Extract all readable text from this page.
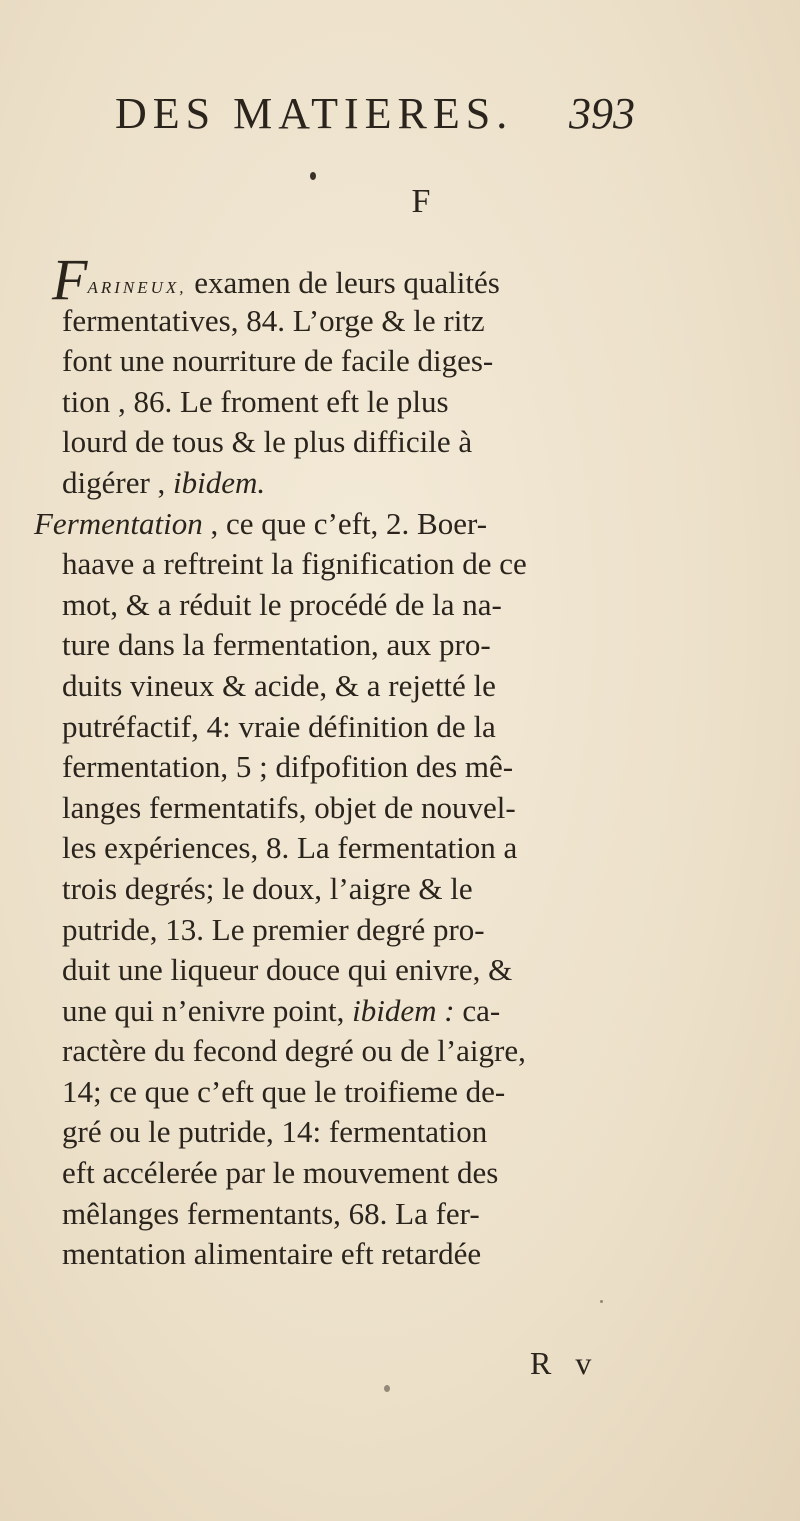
DES MATIERES. 393
F
FARINEUX, examen de leurs qualités
fermentatives, 84. L’orge & le ritz
font une nourriture de facile diges-
tion , 86. Le froment eft le plus
lourd de tous & le plus difficile à
digérer , ibidem.
Fermentation , ce que c’eft, 2. Boer-
haave a reftreint la fignification de ce
mot, & a réduit le procédé de la na-
ture dans la fermentation, aux pro-
duits vineux & acide, & a rejetté le
putréfactif, 4: vraie définition de la
fermentation, 5 ; difpofition des mê-
langes fermentatifs, objet de nouvel-
les expériences, 8. La fermentation a
trois degrés; le doux, l’aigre & le
putride, 13. Le premier degré pro-
duit une liqueur douce qui enivre, &
une qui n’enivre point, ibidem : ca-
ractère du fecond degré ou de l’aigre,
14; ce que c’eft que le troifieme de-
gré ou le putride, 14: fermentation
eft accélerée par le mouvement des
mêlanges fermentants, 68. La fer-
mentation alimentaire eft retardée
R v
